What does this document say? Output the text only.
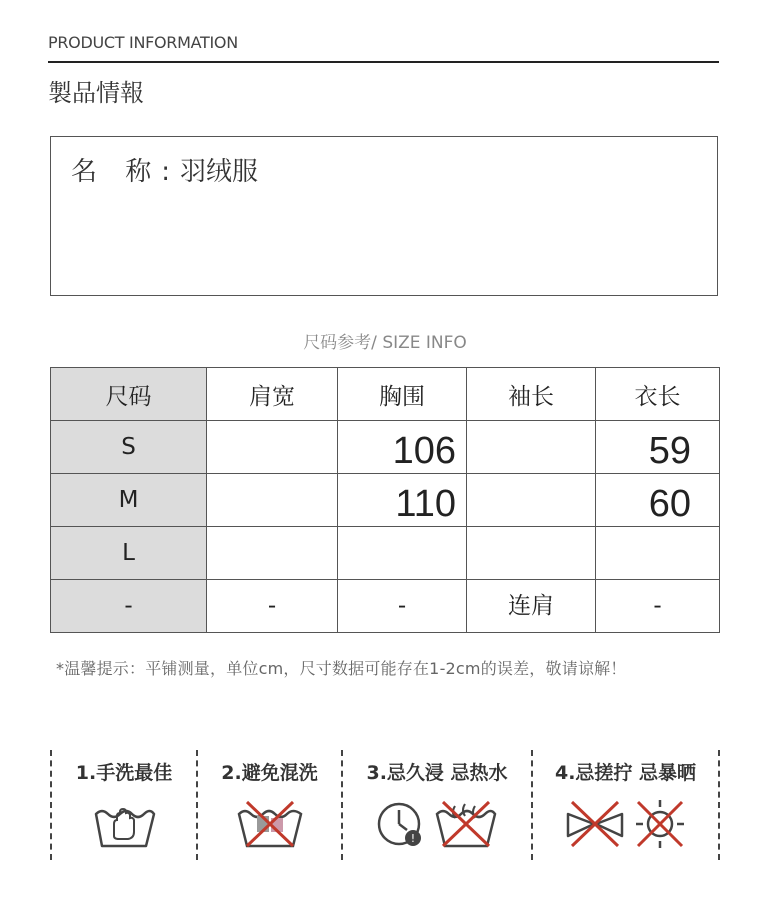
PRODUCT INFORMATION
製品情報
名 称:羽绒服
尺码参考/ SIZE INFO
尺码	肩宽	胸围	袖长	衣长
S		106		59
M		110		60
L				
-	-	-	连肩	-
*温馨提示：平铺测量，单位cm，尺寸数据可能存在1-2cm的误差，敬请谅解！
1.手洗最佳	2.避免混洗	3.忌久浸 忌热水
!
4.忌搓拧 忌暴晒
